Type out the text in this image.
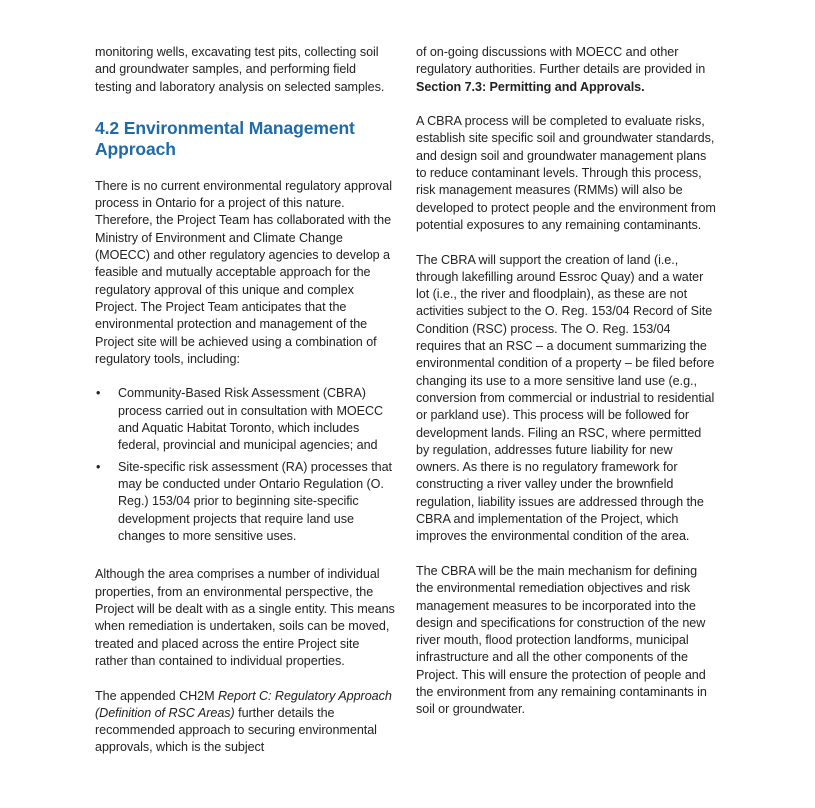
monitoring wells, excavating test pits, collecting soil and groundwater samples, and performing field testing and laboratory analysis on selected samples.

4.2 Environmental Management Approach

There is no current environmental regulatory approval process in Ontario for a project of this nature. Therefore, the Project Team has collaborated with the Ministry of Environment and Climate Change (MOECC) and other regulatory agencies to develop a feasible and mutually acceptable approach for the regulatory approval of this unique and complex Project. The Project Team anticipates that the environmental protection and management of the Project site will be achieved using a combination of regulatory tools, including:

• Community-Based Risk Assessment (CBRA) process carried out in consultation with MOECC and Aquatic Habitat Toronto, which includes federal, provincial and municipal agencies; and
• Site-specific risk assessment (RA) processes that may be conducted under Ontario Regulation (O. Reg.) 153/04 prior to beginning site-specific development projects that require land use changes to more sensitive uses.

Although the area comprises a number of individual properties, from an environmental perspective, the Project will be dealt with as a single entity. This means when remediation is undertaken, soils can be moved, treated and placed across the entire Project site rather than contained to individual properties.

The appended CH2M Report C: Regulatory Approach (Definition of RSC Areas) further details the recommended approach to securing environmental approvals, which is the subject

of on-going discussions with MOECC and other regulatory authorities. Further details are provided in Section 7.3: Permitting and Approvals.

A CBRA process will be completed to evaluate risks, establish site specific soil and groundwater standards, and design soil and groundwater management plans to reduce contaminant levels. Through this process, risk management measures (RMMs) will also be developed to protect people and the environment from potential exposures to any remaining contaminants.

The CBRA will support the creation of land (i.e., through lakefilling around Essroc Quay) and a water lot (i.e., the river and floodplain), as these are not activities subject to the O. Reg. 153/04 Record of Site Condition (RSC) process. The O. Reg. 153/04 requires that an RSC – a document summarizing the environmental condition of a property – be filed before changing its use to a more sensitive land use (e.g., conversion from commercial or industrial to residential or parkland use). This process will be followed for development lands. Filing an RSC, where permitted by regulation, addresses future liability for new owners. As there is no regulatory framework for constructing a river valley under the brownfield regulation, liability issues are addressed through the CBRA and implementation of the Project, which improves the environmental condition of the area.

The CBRA will be the main mechanism for defining the environmental remediation objectives and risk management measures to be incorporated into the design and specifications for construction of the new river mouth, flood protection landforms, municipal infrastructure and all the other components of the Project. This will ensure the protection of people and the environment from any remaining contaminants in soil or groundwater.
